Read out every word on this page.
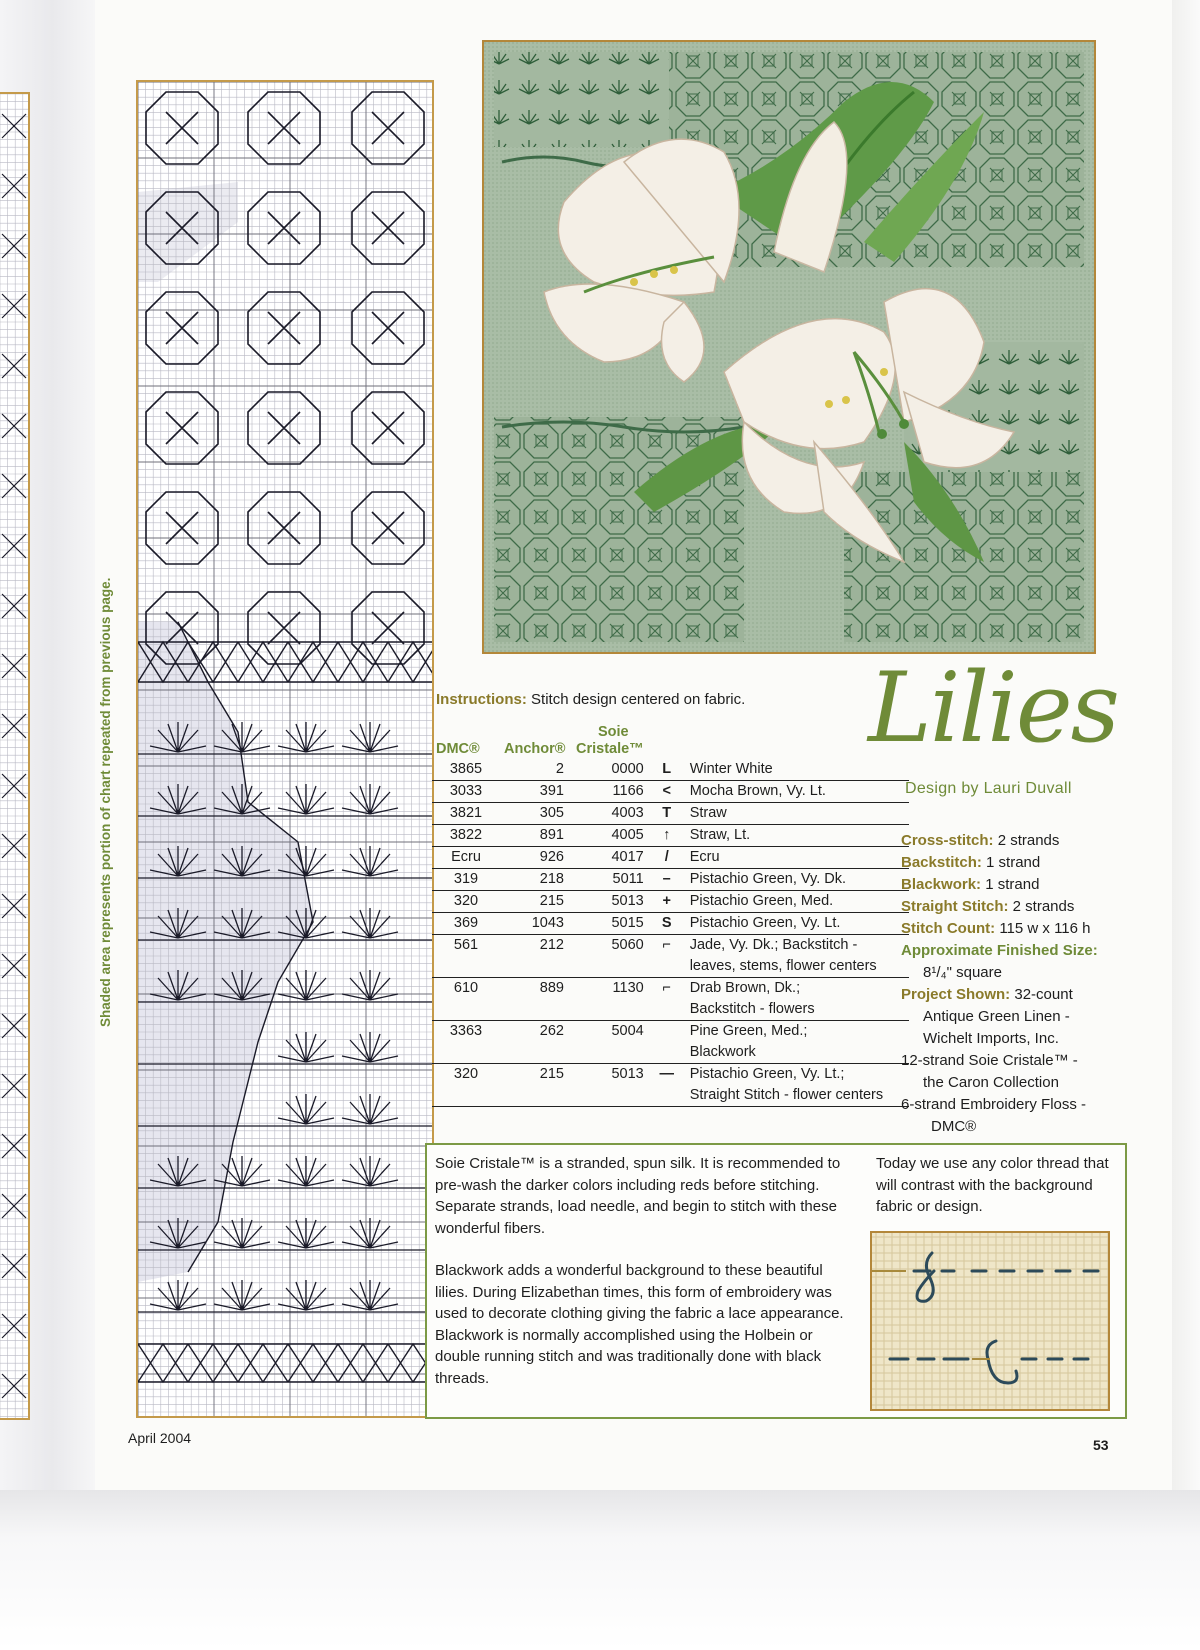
Shaded area represents portion of chart repeated from previous page.	Instructions: Stitch design centered on fabric.
DMC®	Anchor®	Soie
Cristale™		

3865	2	0000	L	Winter White

3033	391	1166	<	Mocha Brown, Vy. Lt.

3821	305	4003	T	Straw

3822	891	4005	↑	Straw, Lt.

Ecru	926	4017	/	Ecru

319	218	5011	–	Pistachio Green, Vy. Dk.

320	215	5013	+	Pistachio Green, Med.

369	1043	5015	S	Pistachio Green, Vy. Lt.

561	212	5060	⌐	Jade, Vy. Dk.; Backstitch -
leaves, stems, flower centers

610	889	1130	⌐	Drab Brown, Dk.;
Backstitch - flowers

3363	262	5004		Pine Green, Med.;
Blackwork

320	215	5013	—	Pistachio Green, Vy. Lt.;
Straight Stitch - flower centers
Lilies
Design by Lauri Duvall
Cross-stitch: 2 strands
Backstitch: 1 strand
Blackwork: 1 strand
Straight Stitch: 2 strands
Stitch Count: 115 w x 116 h
Approximate Finished Size:
8¹/₄" square
Project Shown: 32-count
Antique Green Linen -
Wichelt Imports, Inc.
12-strand Soie Cristale™ -
the Caron Collection
6-strand Embroidery Floss -
DMC®
Soie Cristale™ is a stranded, spun silk. It is recommended to pre-wash the darker colors including reds before stitching. Separate strands, load needle, and begin to stitch with these wonderful fibers.
Blackwork adds a wonderful background to these beautiful lilies. During Elizabethan times, this form of embroidery was used to decorate clothing giving the fabric a lace appearance. Blackwork is normally accomplished using the Holbein or double running stitch and was traditionally done with black threads.
Today we use any color thread that will contrast with the background fabric or design.
April 2004	53
